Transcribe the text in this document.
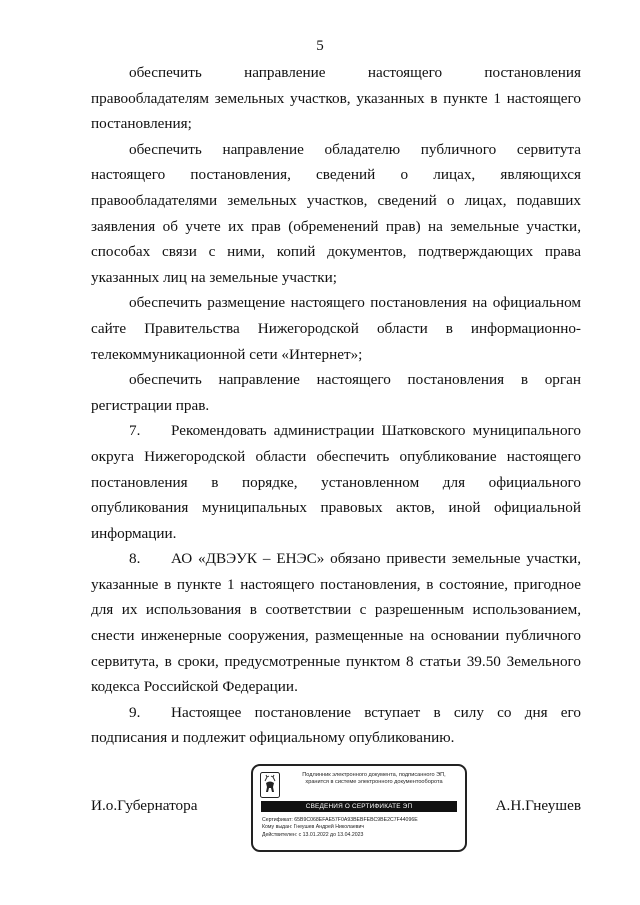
5

обеспечить направление настоящего постановления правообладателям земельных участков, указанных в пункте 1 настоящего постановления;

обеспечить направление обладателю публичного сервитута настоящего постановления, сведений о лицах, являющихся правообладателями земельных участков, сведений о лицах, подавших заявления об учете их прав (обременений прав) на земельные участки, способах связи с ними, копий документов, подтверждающих права указанных лиц на земельные участки;

обеспечить размещение настоящего постановления на официальном сайте Правительства Нижегородской области в информационно-телекоммуникационной сети «Интернет»;

обеспечить направление настоящего постановления в орган регистрации прав.

7. Рекомендовать администрации Шатковского муниципального округа Нижегородской области обеспечить опубликование настоящего постановления в порядке, установленном для официального опубликования муниципальных правовых актов, иной официальной информации.

8. АО «ДВЭУК – ЕНЭС» обязано привести земельные участки, указанные в пункте 1 настоящего постановления, в состояние, пригодное для их использования в соответствии с разрешенным использованием, снести инженерные сооружения, размещенные на основании публичного сервитута, в сроки, предусмотренные пунктом 8 статьи 39.50 Земельного кодекса Российской Федерации.

9. Настоящее постановление вступает в силу со дня его подписания и подлежит официальному опубликованию.

И.о.Губернатора	А.Н.Гнеушев
Подлинник электронного документа, подписанного ЭП,
хранится в системе электронного документооборота
СВЕДЕНИЯ О СЕРТИФИКАТЕ ЭП
Сертификат: 65B9C068EFAE57F0A93BEBFEBC9BE2C7F44096E
Кому выдан: Гнеушев Андрей Николаевич
Действителен: с 13.01.2022 до 13.04.2023
